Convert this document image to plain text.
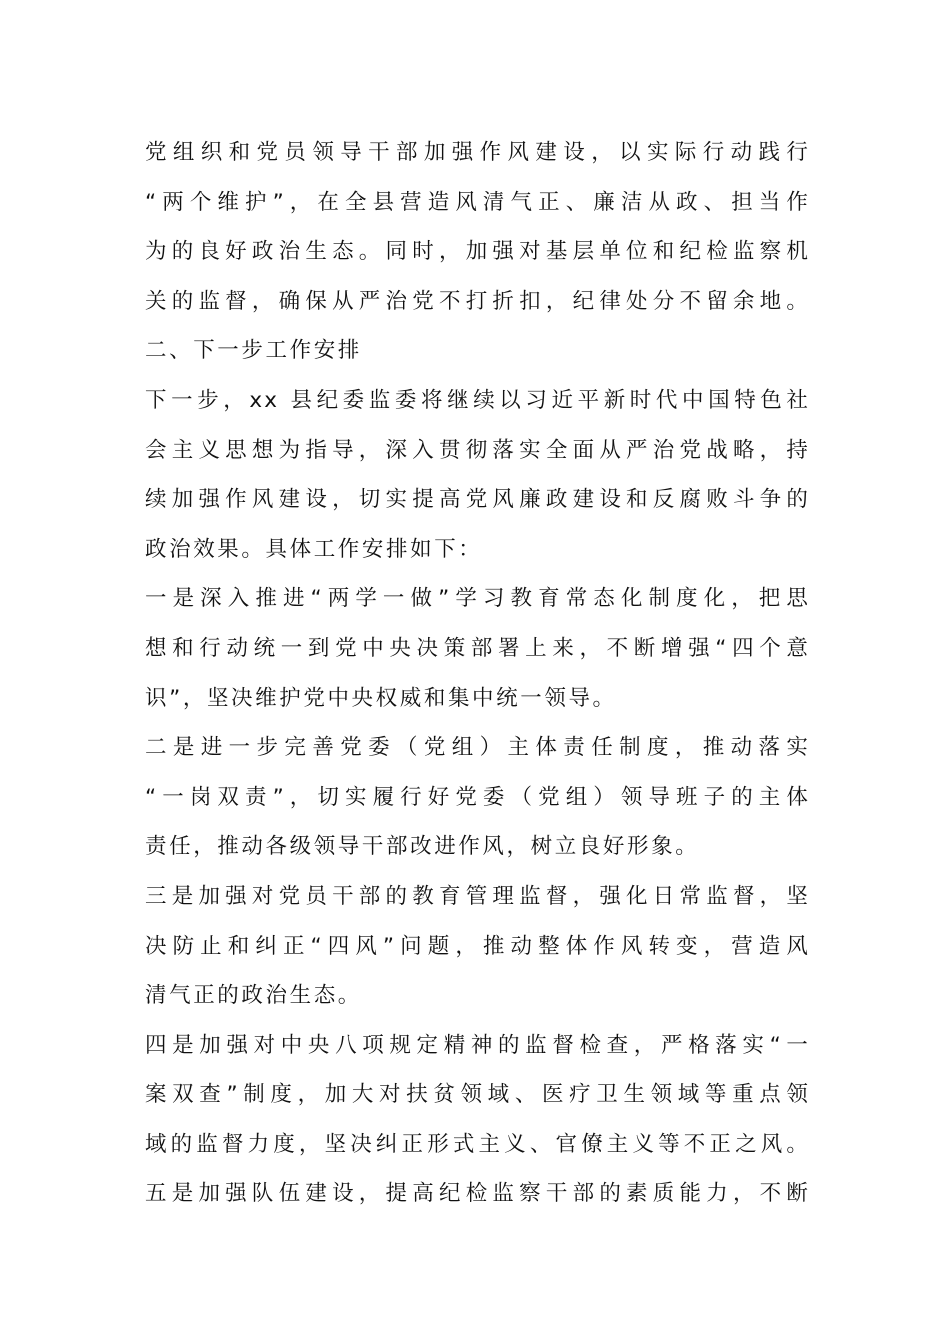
党组织和党员领导干部加强作风建设，以实际行动践行
“两个维护”，在全县营造风清气正、廉洁从政、担当作
为的良好政治生态。同时，加强对基层单位和纪检监察机
关的监督，确保从严治党不打折扣，纪律处分不留余地。
二、下一步工作安排
下一步，xx 县纪委监委将继续以习近平新时代中国特色社
会主义思想为指导，深入贯彻落实全面从严治党战略，持
续加强作风建设，切实提高党风廉政建设和反腐败斗争的
政治效果。具体工作安排如下：
一是深入推进“两学一做”学习教育常态化制度化，把思
想和行动统一到党中央决策部署上来，不断增强“四个意
识”，坚决维护党中央权威和集中统一领导。
二是进一步完善党委（党组）主体责任制度，推动落实
“一岗双责”，切实履行好党委（党组）领导班子的主体
责任，推动各级领导干部改进作风，树立良好形象。
三是加强对党员干部的教育管理监督，强化日常监督，坚
决防止和纠正“四风”问题，推动整体作风转变，营造风
清气正的政治生态。
四是加强对中央八项规定精神的监督检查，严格落实“一
案双查”制度，加大对扶贫领域、医疗卫生领域等重点领
域的监督力度，坚决纠正形式主义、官僚主义等不正之风。
五是加强队伍建设，提高纪检监察干部的素质能力，不断
